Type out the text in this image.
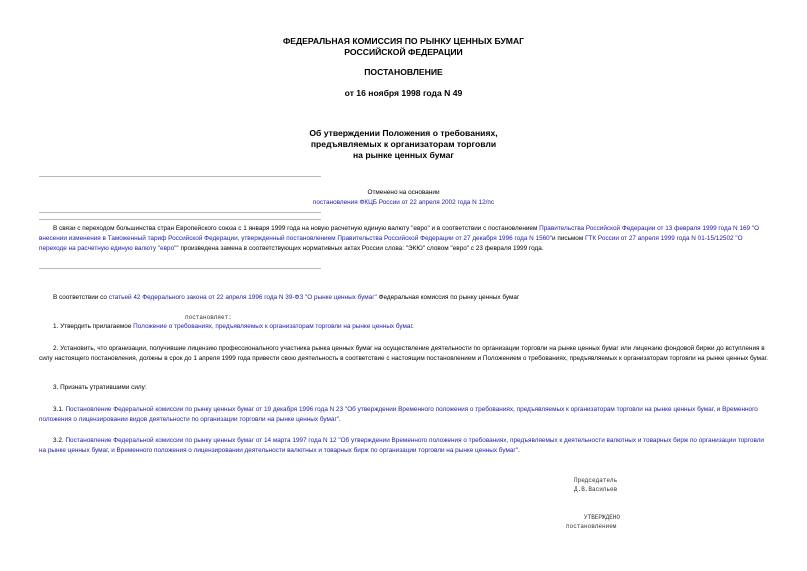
ФЕДЕРАЛЬНАЯ КОМИССИЯ ПО РЫНКУ ЦЕННЫХ БУМАГ
РОССИЙСКОЙ ФЕДЕРАЦИИ
ПОСТАНОВЛЕНИЕ
от 16 ноября 1998 года N 49
Об утверждении Положения о требованиях,
предъявляемых к организаторам торговли
на рынке ценных бумаг
Отменено на основании
постановления ФКЦБ России от 22 апреля 2002 года N 12/пс

В связи с переходом большинства стран Европейского союза с 1 января 1999 года на новую расчетную единую валюту "евро" и в соответствии с постановлением Правительства Российской Федерации от 13 февраля 1999 года N 169 "О внесении изменения в Таможенный тариф Российской Федерации, утвержденный постановлением Правительства Российской Федерации от 27 декабря 1996 года N 1560"и письмом ГТК России от 27 апреля 1999 года N 01-15/12502 "О переходе на расчетную единую валюту "евро"" произведена замена в соответствующих нормативных актах России слова: "ЭКЮ" словом "евро" с 23 февраля 1999 года.

В соответствии со статьей 42 Федерального закона от 22 апреля 1996 года N 39-ФЗ "О рынке ценных бумаг" Федеральная комиссия по рынку ценных бумаг

постановляет:

1. Утвердить прилагаемое Положение о требованиях, предъявляемых к организаторам торговли на рынке ценных бумаг.

2. Установить, что организации, получившие лицензию профессионального участника рынка ценных бумаг на осуществление деятельности по организации торговли на рынке ценных бумаг или лицензию фондовой биржи до вступления в силу настоящего постановления, должны в срок до 1 апреля 1999 года привести свою деятельность в соответствие с настоящим постановлением и Положением о требованиях, предъявляемых к организаторам торговли на рынке ценных бумаг.

3. Признать утратившими силу:

3.1. Постановление Федеральной комиссии по рынку ценных бумаг от 19 декабря 1996 года N 23 "Об утверждении Временного положения о требованиях, предъявляемых к организаторам торговли на рынке ценных бумаг, и Временного положения о лицензировании видов деятельности по организации торговли на рынке ценных бумаг".

3.2. Постановление Федеральной комиссии по рынку ценных бумаг от 14 марта 1997 года N 12 "Об утверждении Временного положения о требованиях, предъявляемых к деятельности валютных и товарных бирж по организации торговли на рынке ценных бумаг, и Временного положения о лицензировании деятельности валютных и товарных бирж по организации торговли на рынке ценных бумаг".

Председатель
Д.В.Васильев
УТВЕРЖДЕНО
постановлением
